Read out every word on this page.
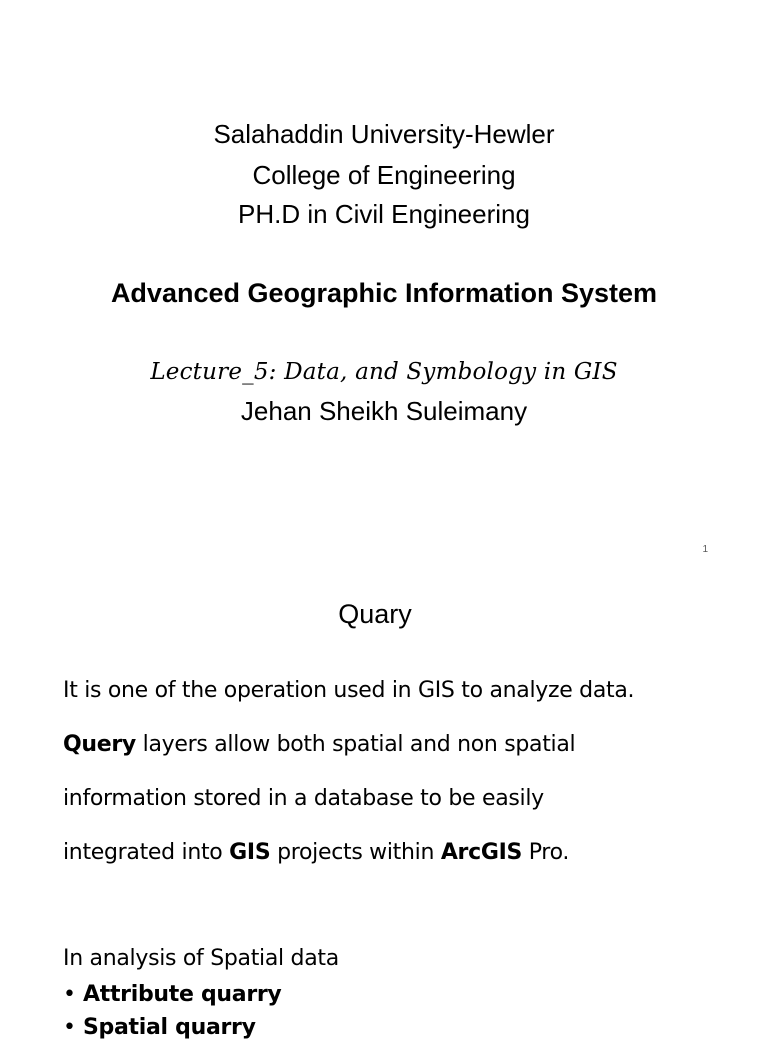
Salahaddin University-Hewler
College of Engineering
PH.D in Civil Engineering
Advanced Geographic Information System
Lecture_5: Data, and Symbology in GIS
Jehan Sheikh Suleimany
1
Quary
It is one of the operation used in GIS to analyze data.
Query layers allow both spatial and non spatial
information stored in a database to be easily
integrated into GIS projects within ArcGIS Pro.
In analysis of Spatial data
• Attribute quarry
• Spatial quarry
